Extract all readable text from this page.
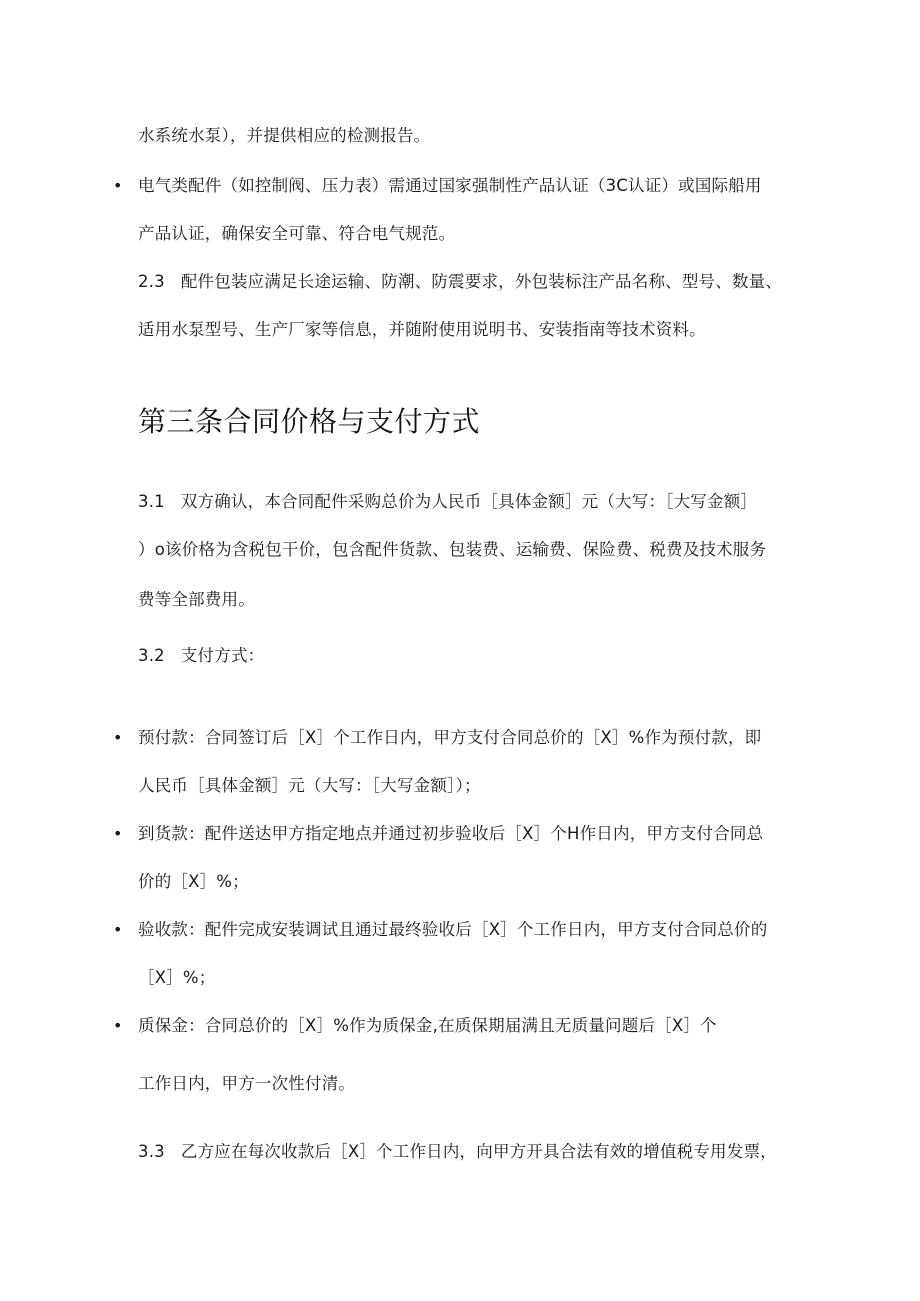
水系统水泵），并提供相应的检测报告。
• 电气类配件（如控制阀、压力表）需通过国家强制性产品认证（3C认证）或国际船用
产品认证，确保安全可靠、符合电气规范。
2.3 配件包装应满足长途运输、防潮、防震要求，外包装标注产品名称、型号、数量、
适用水泵型号、生产厂家等信息，并随附使用说明书、安装指南等技术资料。
第三条合同价格与支付方式
3.1 双方确认，本合同配件采购总价为人民币［具体金额］元（大写：［大写金额］
）o该价格为含税包干价，包含配件货款、包装费、运输费、保险费、税费及技术服务
费等全部费用。
3.2 支付方式：
• 预付款：合同签订后［X］个工作日内，甲方支付合同总价的［X］%作为预付款，即
人民币［具体金额］元（大写：［大写金额］）；
• 到货款：配件送达甲方指定地点并通过初步验收后［X］个H作日内，甲方支付合同总
价的［X］%；
• 验收款：配件完成安装调试且通过最终验收后［X］个工作日内，甲方支付合同总价的
［X］%；
• 质保金：合同总价的［X］%作为质保金,在质保期届满且无质量问题后［X］个
工作日内，甲方一次性付清。
3.3 乙方应在每次收款后［X］个工作日内，向甲方开具合法有效的增值税专用发票，
